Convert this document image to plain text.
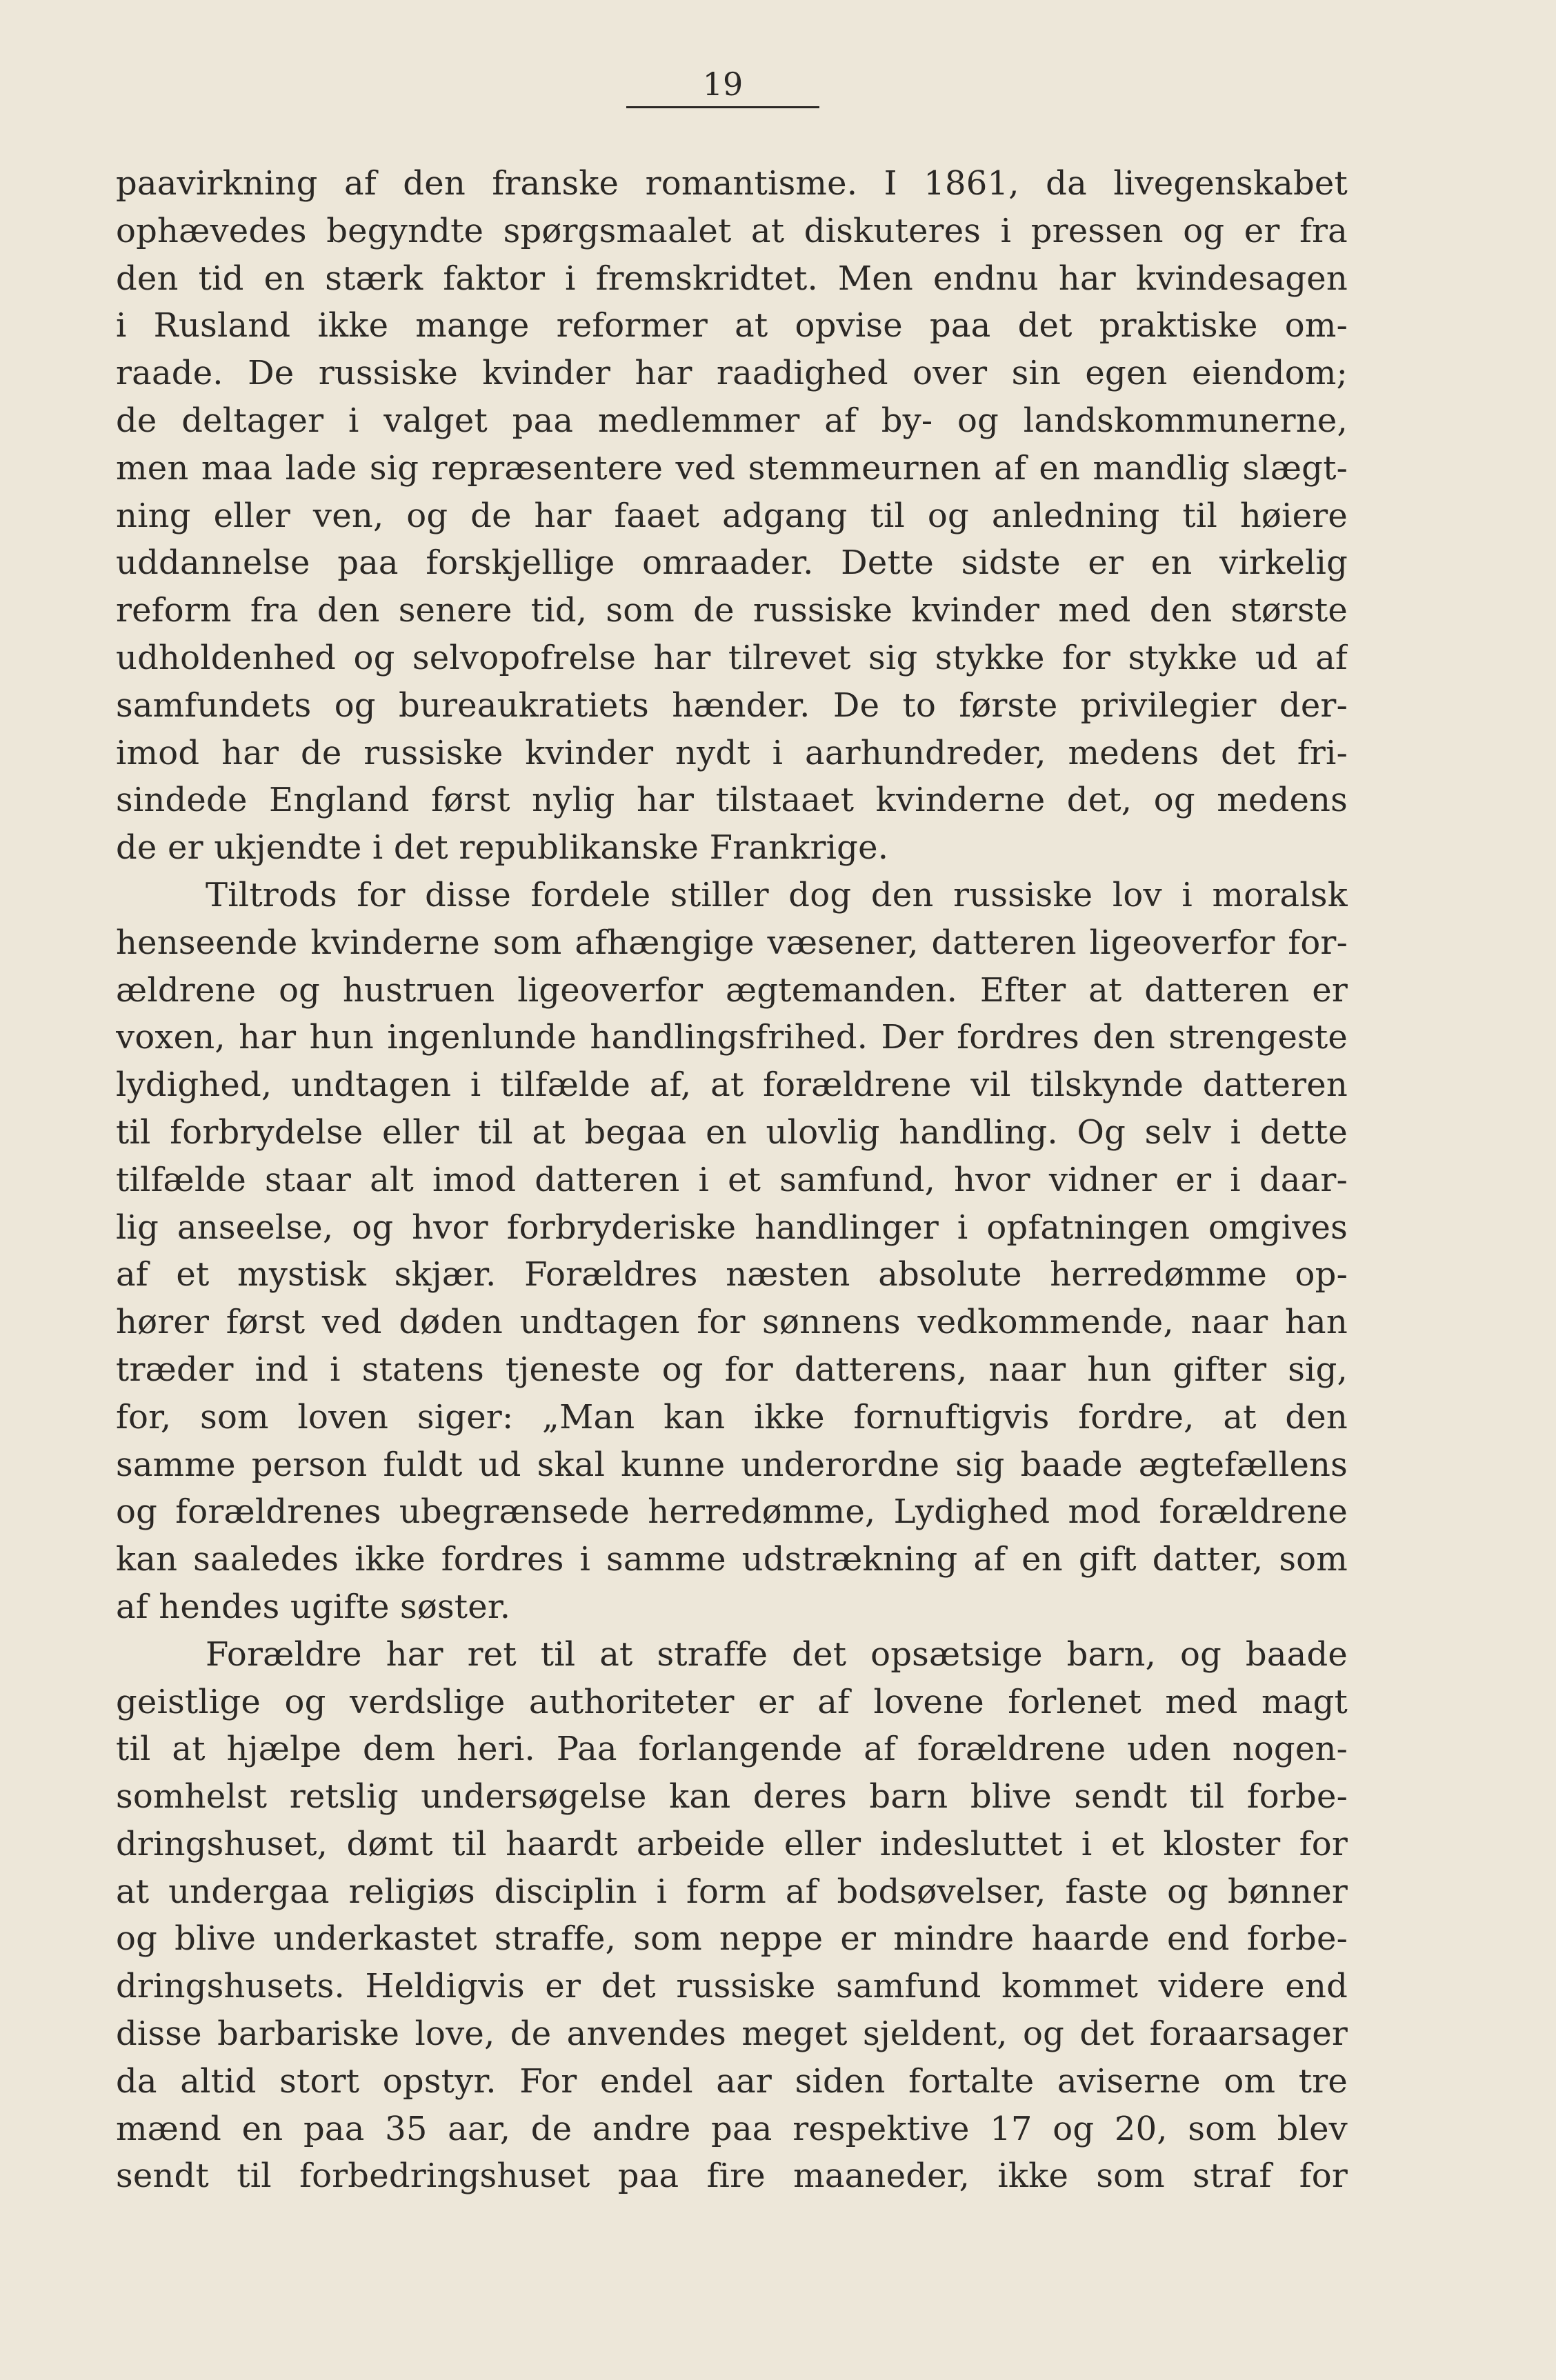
19
paavirkning af den franske romantisme. I 1861, da livegenskabet
ophævedes begyndte spørgsmaalet at diskuteres i pressen og er fra
den tid en stærk faktor i fremskridtet. Men endnu har kvindesagen
i Rusland ikke mange reformer at opvise paa det praktiske om-
raade. De russiske kvinder har raadighed over sin egen eiendom;
de deltager i valget paa medlemmer af by- og landskommunerne,
men maa lade sig repræsentere ved stemmeurnen af en mandlig slægt-
ning eller ven, og de har faaet adgang til og anledning til høiere
uddannelse paa forskjellige omraader. Dette sidste er en virkelig
reform fra den senere tid, som de russiske kvinder med den største
udholdenhed og selvopofrelse har tilrevet sig stykke for stykke ud af
samfundets og bureaukratiets hænder. De to første privilegier der-
imod har de russiske kvinder nydt i aarhundreder, medens det fri-
sindede England først nylig har tilstaaet kvinderne det, og medens
de er ukjendte i det republikanske Frankrige.
Tiltrods for disse fordele stiller dog den russiske lov i moralsk
henseende kvinderne som afhængige væsener, datteren ligeoverfor for-
ældrene og hustruen ligeoverfor ægtemanden. Efter at datteren er
voxen, har hun ingenlunde handlingsfrihed. Der fordres den strengeste
lydighed, undtagen i tilfælde af, at forældrene vil tilskynde datteren
til forbrydelse eller til at begaa en ulovlig handling. Og selv i dette
tilfælde staar alt imod datteren i et samfund, hvor vidner er i daar-
lig anseelse, og hvor forbryderiske handlinger i opfatningen omgives
af et mystisk skjær. Forældres næsten absolute herredømme op-
hører først ved døden undtagen for sønnens vedkommende, naar han
træder ind i statens tjeneste og for datterens, naar hun gifter sig,
for, som loven siger: „Man kan ikke fornuftigvis fordre, at den
samme person fuldt ud skal kunne underordne sig baade ægtefællens
og forældrenes ubegrænsede herredømme, Lydighed mod forældrene
kan saaledes ikke fordres i samme udstrækning af en gift datter, som
af hendes ugifte søster.
Forældre har ret til at straffe det opsætsige barn, og baade
geistlige og verdslige authoriteter er af lovene forlenet med magt
til at hjælpe dem heri. Paa forlangende af forældrene uden nogen-
somhelst retslig undersøgelse kan deres barn blive sendt til forbe-
dringshuset, dømt til haardt arbeide eller indesluttet i et kloster for
at undergaa religiøs disciplin i form af bodsøvelser, faste og bønner
og blive underkastet straffe, som neppe er mindre haarde end forbe-
dringshusets. Heldigvis er det russiske samfund kommet videre end
disse barbariske love, de anvendes meget sjeldent, og det foraarsager
da altid stort opstyr. For endel aar siden fortalte aviserne om tre
mænd en paa 35 aar, de andre paa respektive 17 og 20, som blev
sendt til forbedringshuset paa fire maaneder, ikke som straf for
